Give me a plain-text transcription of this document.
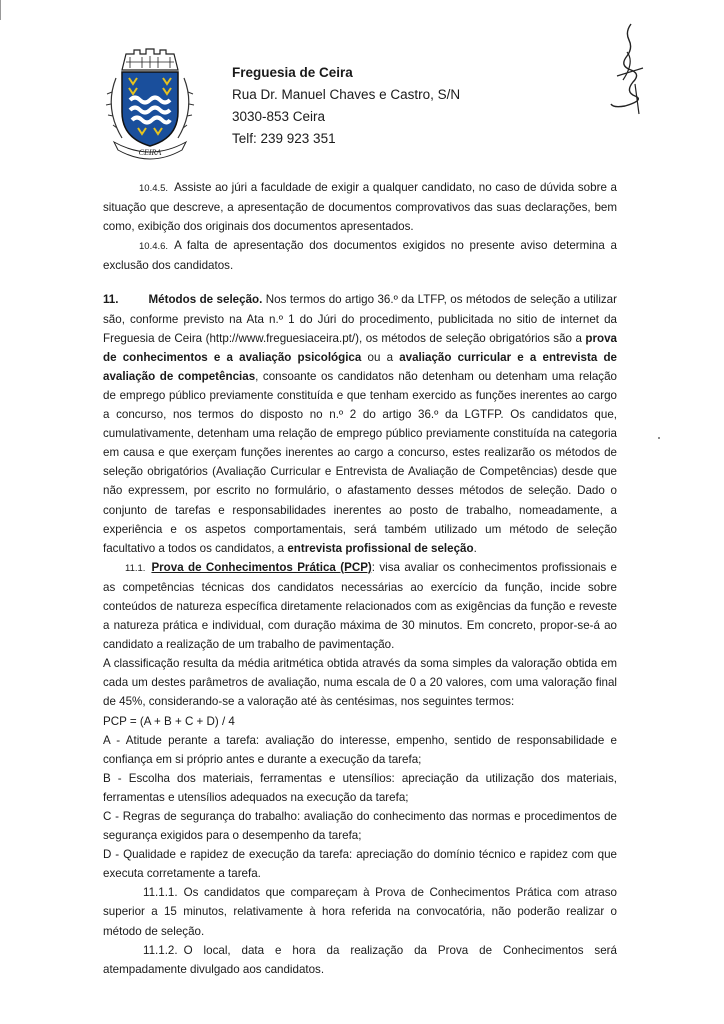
CEIRA
Freguesia de Ceira
Rua Dr. Manuel Chaves e Castro, S/N
3030-853 Ceira
Telf: 239 923 351

10.4.5. Assiste ao júri a faculdade de exigir a qualquer candidato, no caso de dúvida sobre a situação que descreve, a apresentação de documentos comprovativos das suas declarações, bem como, exibição dos originais dos documentos apresentados.

10.4.6. A falta de apresentação dos documentos exigidos no presente aviso determina a exclusão dos candidatos.

11.	Métodos de seleção. Nos termos do artigo 36.º da LTFP, os métodos de seleção a utilizar são, conforme previsto na Ata n.º 1 do Júri do procedimento, publicitada no sitio de internet da Freguesia de Ceira (http://www.freguesiaceira.pt/), os métodos de seleção obrigatórios são a prova de conhecimentos e a avaliação psicológica ou a avaliação curricular e a entrevista de avaliação de competências, consoante os candidatos não detenham ou detenham uma relação de emprego público previamente constituída e que tenham exercido as funções inerentes ao cargo a concurso, nos termos do disposto no n.º 2 do artigo 36.º da LGTFP. Os candidatos que, cumulativamente, detenham uma relação de emprego público previamente constituída na categoria em causa e que exerçam funções inerentes ao cargo a concurso, estes realizarão os métodos de seleção obrigatórios (Avaliação Curricular e Entrevista de Avaliação de Competências) desde que não expressem, por escrito no formulário, o afastamento desses métodos de seleção. Dado o conjunto de tarefas e responsabilidades inerentes ao posto de trabalho, nomeadamente, a experiência e os aspetos comportamentais, será também utilizado um método de seleção facultativo a todos os candidatos, a entrevista profissional de seleção.

11.1. Prova de Conhecimentos Prática (PCP): visa avaliar os conhecimentos profissionais e as competências técnicas dos candidatos necessárias ao exercício da função, incide sobre conteúdos de natureza específica diretamente relacionados com as exigências da função e reveste a natureza prática e individual, com duração máxima de 30 minutos. Em concreto, propor-se-á ao candidato a realização de um trabalho de pavimentação.

A classificação resulta da média aritmética obtida através da soma simples da valoração obtida em cada um destes parâmetros de avaliação, numa escala de 0 a 20 valores, com uma valoração final de 45%, considerando-se a valoração até às centésimas, nos seguintes termos:

PCP = (A + B + C + D) / 4

A - Atitude perante a tarefa: avaliação do interesse, empenho, sentido de responsabilidade e confiança em si próprio antes e durante a execução da tarefa;

B - Escolha dos materiais, ferramentas e utensílios: apreciação da utilização dos materiais, ferramentas e utensílios adequados na execução da tarefa;

C - Regras de segurança do trabalho: avaliação do conhecimento das normas e procedimentos de segurança exigidos para o desempenho da tarefa;

D - Qualidade e rapidez de execução da tarefa: apreciação do domínio técnico e rapidez com que executa corretamente a tarefa.

11.1.1. Os candidatos que compareçam à Prova de Conhecimentos Prática com atraso superior a 15 minutos, relativamente à hora referida na convocatória, não poderão realizar o método de seleção.

11.1.2. O local, data e hora da realização da Prova de Conhecimentos será atempadamente divulgado aos candidatos.
